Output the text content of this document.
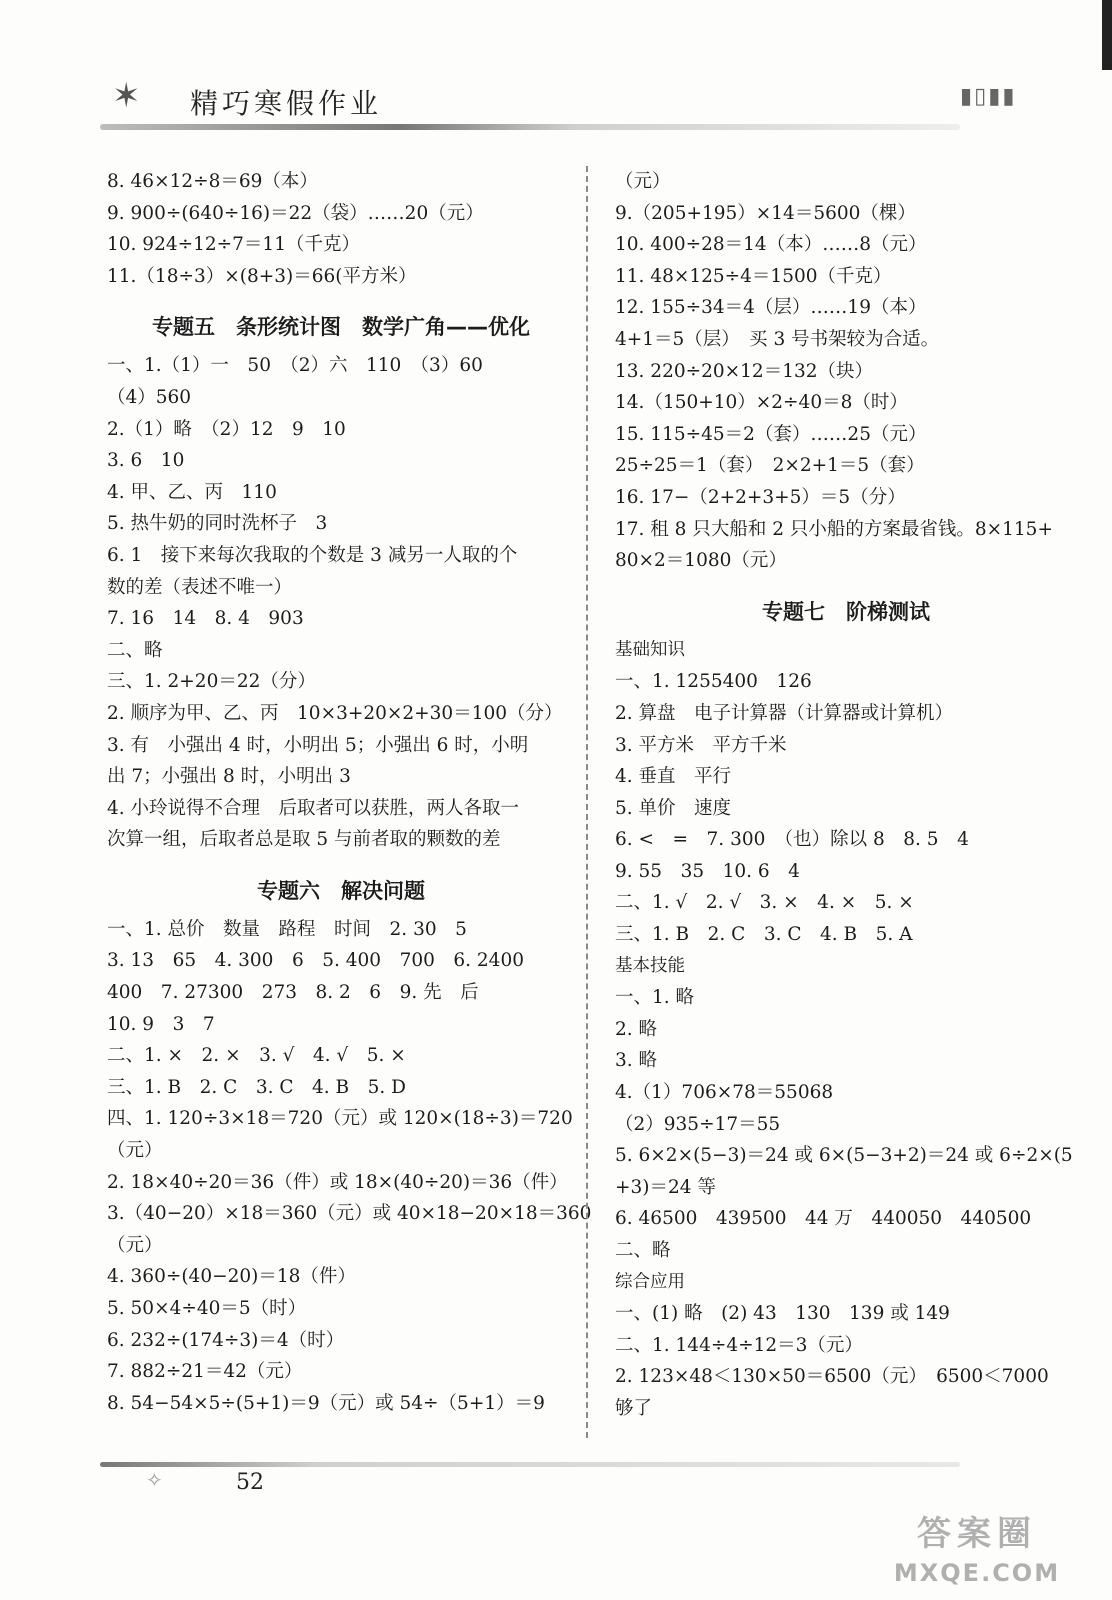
✶ 精巧寒假作业	▮▯▮▮
8. 46×12÷8＝69（本）
9. 900÷(640÷16)＝22（袋）……20（元）
10. 924÷12÷7＝11（千克）
11.（18÷3）×(8+3)＝66(平方米）
专题五　条形统计图　数学广角——优化
一、1.（1）一　50　（2）六　110　（3）60
（4）560
2.（1）略　（2）12　9　10
3. 6　10
4. 甲、乙、丙　110
5. 热牛奶的同时洗杯子　3
6. 1　接下来每次我取的个数是 3 减另一人取的个
数的差（表述不唯一）
7. 16　14　8. 4　903
二、略
三、1. 2+20＝22（分）
2. 顺序为甲、乙、丙　10×3+20×2+30＝100（分）
3. 有　小强出 4 时，小明出 5；小强出 6 时，小明
出 7；小强出 8 时，小明出 3
4. 小玲说得不合理　后取者可以获胜，两人各取一
次算一组，后取者总是取 5 与前者取的颗数的差
专题六　解决问题
一、1. 总价　数量　路程　时间　2. 30　5
3. 13　65　4. 300　6　5. 400　700　6. 2400
400　7. 27300　273　8. 2　6　9. 先　后
10. 9　3　7
二、1. ×　2. ×　3. √　4. √　5. ×
三、1. B　2. C　3. C　4. B　5. D
四、1. 120÷3×18＝720（元）或 120×(18÷3)＝720
（元）
2. 18×40÷20＝36（件）或 18×(40÷20)＝36（件）
3.（40−20）×18＝360（元）或 40×18−20×18＝360
（元）
4. 360÷(40−20)＝18（件）
5. 50×4÷40＝5（时）
6. 232÷(174÷3)＝4（时）
7. 882÷21＝42（元）
8. 54−54×5÷(5+1)＝9（元）或 54÷（5+1）＝9
（元）
9.（205+195）×14＝5600（棵）
10. 400÷28＝14（本）……8（元）
11. 48×125÷4＝1500（千克）
12. 155÷34＝4（层）……19（本）
4+1＝5（层）　买 3 号书架较为合适。
13. 220÷20×12＝132（块）
14.（150+10）×2÷40＝8（时）
15. 115÷45＝2（套）……25（元）
25÷25＝1（套）　2×2+1＝5（套）
16. 17−（2+2+3+5）＝5（分）
17. 租 8 只大船和 2 只小船的方案最省钱。8×115+
80×2＝1080（元）
专题七　阶梯测试
基础知识
一、1. 1255400　126
2. 算盘　电子计算器（计算器或计算机）
3. 平方米　平方千米
4. 垂直　平行
5. 单价　速度
6. <　=　7. 300　（也）除以 8　8. 5　4
9. 55　35　10. 6　4
二、1. √　2. √　3. ×　4. ×　5. ×
三、1. B　2. C　3. C　4. B　5. A
基本技能
一、1. 略
2. 略
3. 略
4.（1）706×78＝55068
（2）935÷17＝55
5. 6×2×(5−3)＝24 或 6×(5−3+2)＝24 或 6÷2×(5
+3)＝24 等
6. 46500　439500　44 万　440050　440500
二、略
综合应用
一、(1) 略　(2) 43　130　139 或 149
二、1. 144÷4÷12＝3（元）
2. 123×48＜130×50＝6500（元）　6500＜7000
够了
✧	52
答案圈
MXQE.COM
